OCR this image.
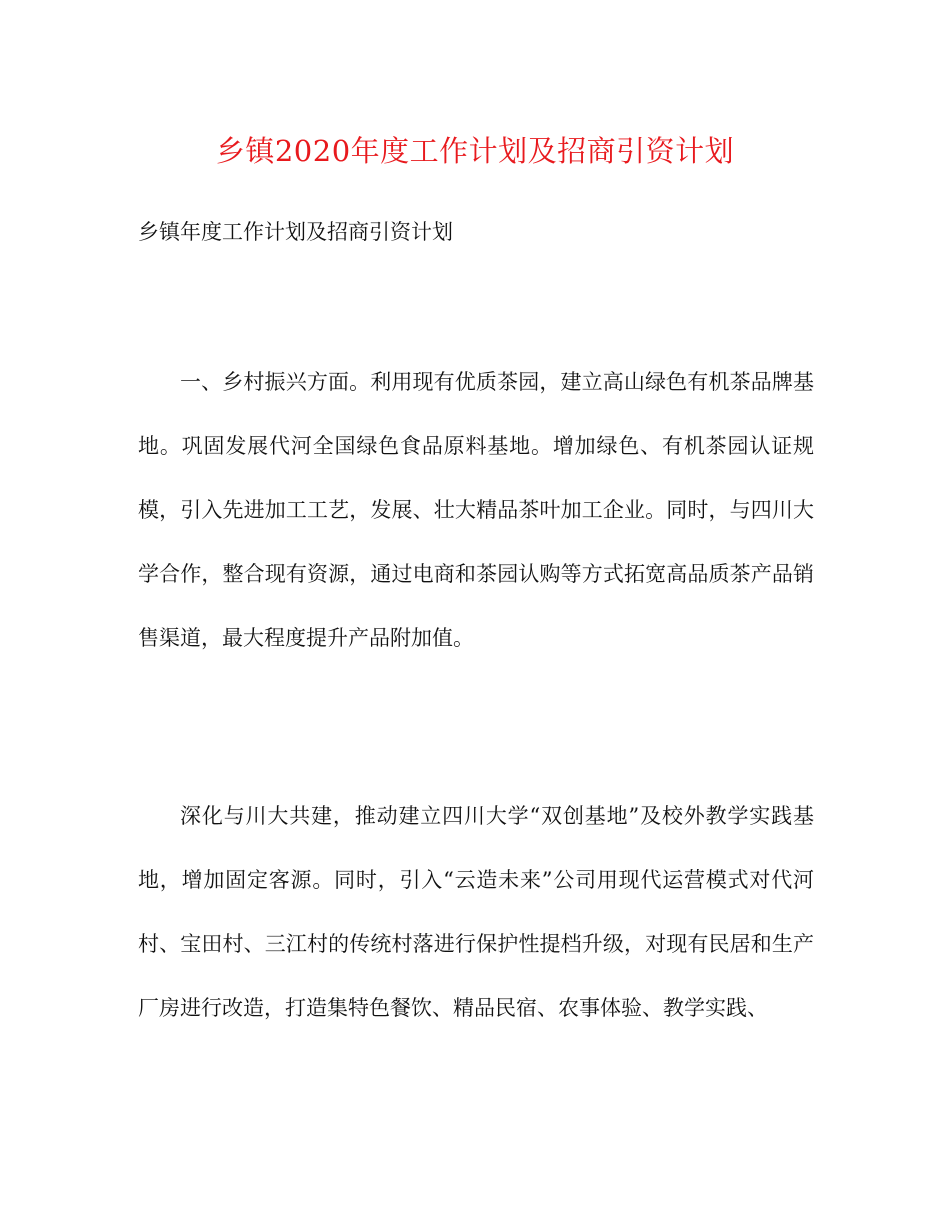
乡镇2020年度工作计划及招商引资计划
乡镇年度工作计划及招商引资计划

一、乡村振兴方面。利用现有优质茶园，建立高山绿色有机茶品牌基地。巩固发展代河全国绿色食品原料基地。增加绿色、有机茶园认证规模，引入先进加工工艺，发展、壮大精品茶叶加工企业。同时，与四川大学合作，整合现有资源，通过电商和茶园认购等方式拓宽高品质茶产品销售渠道，最大程度提升产品附加值。

深化与川大共建，推动建立四川大学“双创基地”及校外教学实践基地，增加固定客源。同时，引入“云造未来”公司用现代运营模式对代河村、宝田村、三江村的传统村落进行保护性提档升级，对现有民居和生产厂房进行改造，打造集特色餐饮、精品民宿、农事体验、教学实践、
